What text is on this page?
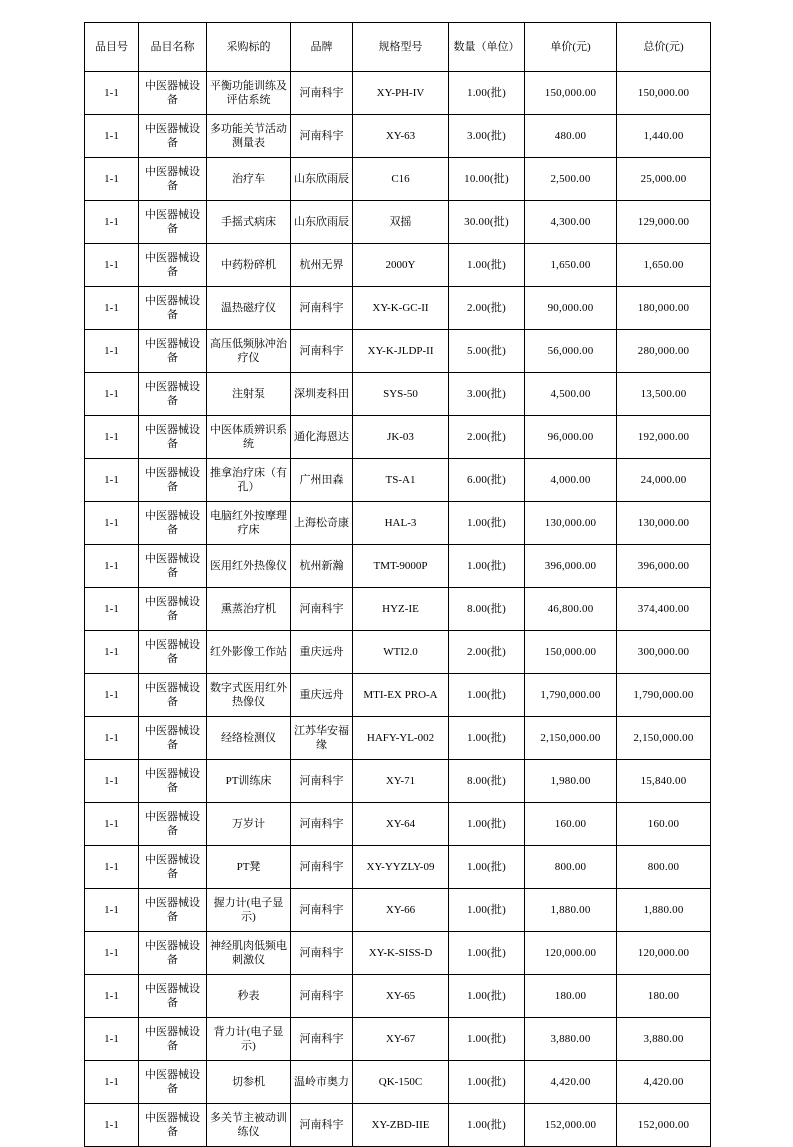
品目号	品目名称	采购标的	品牌	规格型号	数量（单位）	单价(元)	总价(元)
1-1	中医器械设备	平衡功能训练及评估系统	河南科宇	XY-PH-IV	1.00(批)	150,000.00	150,000.00
1-1	中医器械设备	多功能关节活动测量表	河南科宇	XY-63	3.00(批)	480.00	1,440.00
1-1	中医器械设备	治疗车	山东欣雨辰	C16	10.00(批)	2,500.00	25,000.00
1-1	中医器械设备	手摇式病床	山东欣雨辰	双摇	30.00(批)	4,300.00	129,000.00
1-1	中医器械设备	中药粉碎机	杭州无界	2000Y	1.00(批)	1,650.00	1,650.00
1-1	中医器械设备	温热磁疗仪	河南科宇	XY-K-GC-II	2.00(批)	90,000.00	180,000.00
1-1	中医器械设备	高压低频脉冲治疗仪	河南科宇	XY-K-JLDP-II	5.00(批)	56,000.00	280,000.00
1-1	中医器械设备	注射泵	深圳麦科田	SYS-50	3.00(批)	4,500.00	13,500.00
1-1	中医器械设备	中医体质辨识系统	通化海恩达	JK-03	2.00(批)	96,000.00	192,000.00
1-1	中医器械设备	推拿治疗床（有孔）	广州田森	TS-A1	6.00(批)	4,000.00	24,000.00
1-1	中医器械设备	电脑红外按摩理疗床	上海松奇康	HAL-3	1.00(批)	130,000.00	130,000.00
1-1	中医器械设备	医用红外热像仪	杭州新瀚	TMT-9000P	1.00(批)	396,000.00	396,000.00
1-1	中医器械设备	熏蒸治疗机	河南科宇	HYZ-IE	8.00(批)	46,800.00	374,400.00
1-1	中医器械设备	红外影像工作站	重庆远舟	WTI2.0	2.00(批)	150,000.00	300,000.00
1-1	中医器械设备	数字式医用红外热像仪	重庆远舟	MTI-EX PRO-A	1.00(批)	1,790,000.00	1,790,000.00
1-1	中医器械设备	经络检测仪	江苏华安福缘	HAFY-YL-002	1.00(批)	2,150,000.00	2,150,000.00
1-1	中医器械设备	PT训练床	河南科宇	XY-71	8.00(批)	1,980.00	15,840.00
1-1	中医器械设备	万岁计	河南科宇	XY-64	1.00(批)	160.00	160.00
1-1	中医器械设备	PT凳	河南科宇	XY-YYZLY-09	1.00(批)	800.00	800.00
1-1	中医器械设备	握力计(电子显示)	河南科宇	XY-66	1.00(批)	1,880.00	1,880.00
1-1	中医器械设备	神经肌肉低频电刺激仪	河南科宇	XY-K-SISS-D	1.00(批)	120,000.00	120,000.00
1-1	中医器械设备	秒表	河南科宇	XY-65	1.00(批)	180.00	180.00
1-1	中医器械设备	背力计(电子显示)	河南科宇	XY-67	1.00(批)	3,880.00	3,880.00
1-1	中医器械设备	切参机	温岭市奥力	QK-150C	1.00(批)	4,420.00	4,420.00
1-1	中医器械设备	多关节主被动训练仪	河南科宇	XY-ZBD-IIE	1.00(批)	152,000.00	152,000.00
